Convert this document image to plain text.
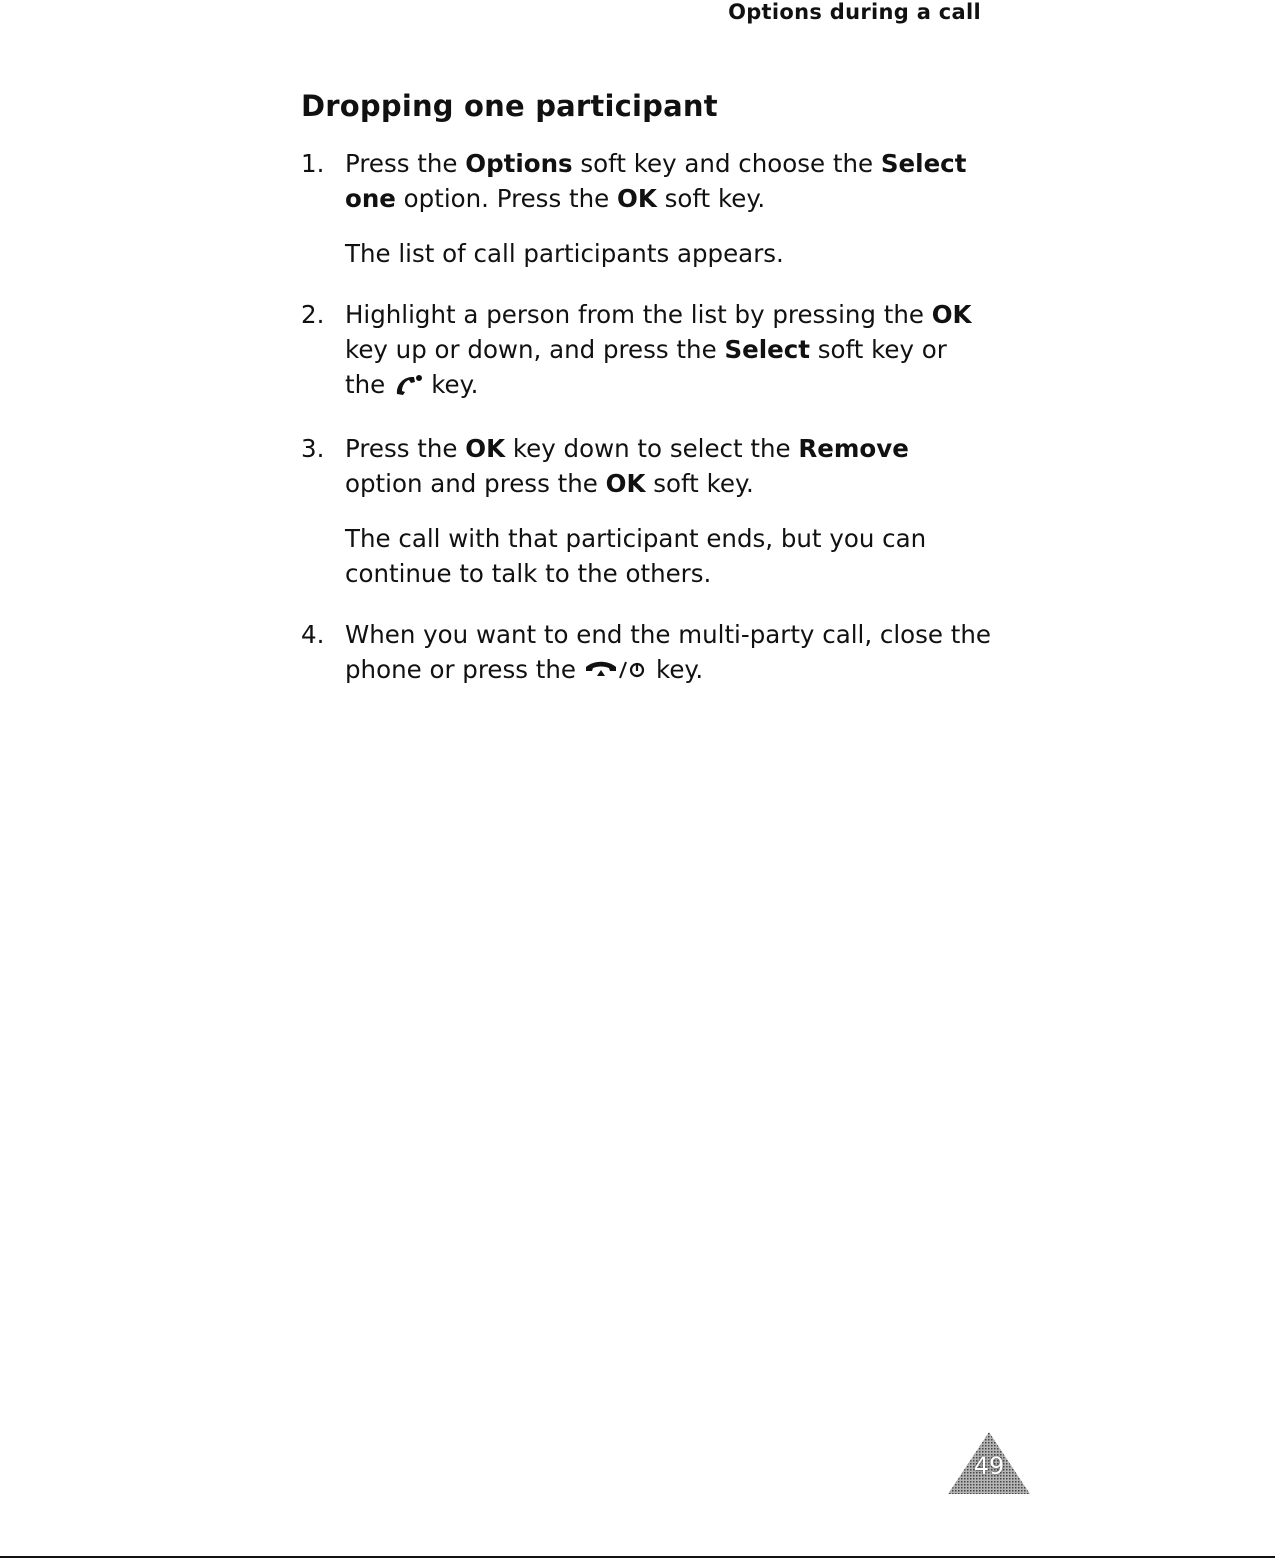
Options during a call
Dropping one participant
1. Press the Options soft key and choose the Select one option. Press the OK soft key.

The list of call participants appears.

2. Highlight a person from the list by pressing the OK key up or down, and press the Select soft key or the key.

3. Press the OK key down to select the Remove option and press the OK soft key.

The call with that participant ends, but you can continue to talk to the others.

4. When you want to end the multi-party call, close the phone or press the	key.

49
